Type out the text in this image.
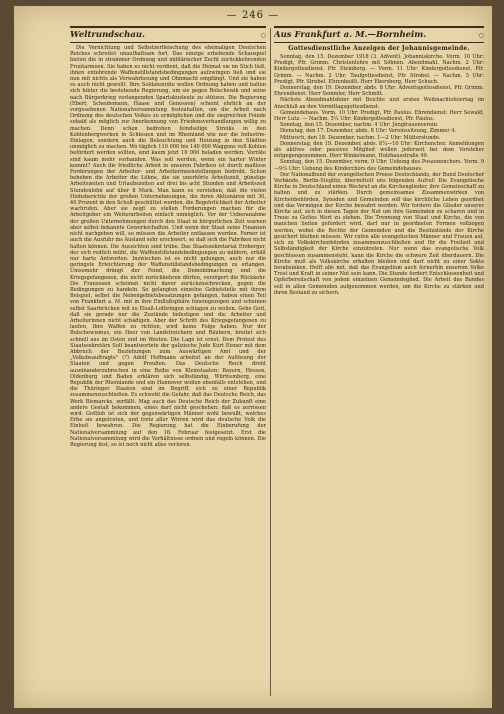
— 246 —
Weltrundschau.	○

Die Vernichtung und Selbstzerfleischung des ehemaligen Deutschen Reiches schreitet unaufhaltsam fort. Das einzige erhebende Schauspiel bieten die in strammer Ordnung und militärischer Zucht zurückkehrenden Frontarmeen. Sie haben es nicht verdient, daß die Heimat sie im Stich ließ, ihnen entehrende Waffenstillstandsbedingungen aufzwingen ließ und sie nun mit nichts als Verwahrlosung und Ohnmacht empfängt. Und sie haben es auch nicht gewollt. Ihre Soldatenräte wollen Ordnung haben und halten sich hinter die bestehende Regierung, um sie gegen Bolschewik und seine nach Bürgerkrieg verlangenden Spartakusleute zu stützen. Die Regierung (Ebert, Scheidemann, Haase und Genossen) scheint ehrlich an der vorgesehenen Nationalversammlung festzuhalten, um die Arbeit nach Ordnung des deutschen Volkes zu ermöglichen und die siegreichen Feinde sobald als möglich zur Anerkennung von Friedensverhandlungen willig zu machen. Denn schon bedrohen feindselige Streiks in den Kohlenbergwerken in Schlesien und im Rheinland wie nur die Industrie-Einlagen, sondern auch die Beleuchtung und Heizung in den Städten unmöglich zu machen. Wo täglich 110 000 bis 140 000 Waggons voll Kohlen befördert werden sollten, sind kaum jetzt 10 000 beladen werden. Vorräte sind kaum mehr vorhanden. Was soll werden, wenn ein harter Winter kommt? Auch die friedliche Arbeit in unseren Fabriken ist durch maßlose Forderungen der Arbeiter- und Arbeiterinnenstellungen bedroht. Schon beheben die Arbeiter die Löhne, die sie unerhörte Arbeitszeit, günstige Arbeitszeiten und Urlaubszeiten auf drei bis acht Stunden und Arbeitszeit Stundenlohn auf über 8 Mark. Man kann es verstehen, daß die vielen Hiobsberichte der großen Unternehmungen, die ihren Aktionären mit 30, 40 Prozent in den Schoß geschüttet worden, die Begehrlichkeit der Arbeiter wachrufen. Aber sie zeigt zu stellen Forderungen machen für die Arbeitgeber ein Weiterarbeiten einfach unmöglich. Vor der Ueberanahme der großen Unternehmungen durch den Staat in bürgerlichen Zeit warnen aber selbst bekannte Gewerkschaften. Und wenn der Staat seine Finanzen nicht nachgeben will, so müssen die Arbeiter entlassen werden. Ferner ist auch die Ausfuhr ins Ausland sehr erschwert, so daß sich die Fabriken nicht halten können. Die Aussichten sind trübe. Das Staatssekretariat Erzberger, der sich redlich müht, die Waffenstillstandsbedingungen zu mildern, erhält nur harte Antworten. Inzwischen ist es nicht gelungen, auch nur die geringste Erleichterung der Waffenstillstandsbedingungen zu erlangen. Umsomehr drängt der Feind, die Demobilmachung und die Kriegsgefangenen, die nicht zurückkehren dürfen, verzögert die Rückkehr. Die Franzosen scheinen nicht davor zurückzuschrecken, gegen die Bedingungen zu handeln. So gelangten einzelne Gebietsteile mit ihrem Beispiel, selbst die Nebengebietsbesatzungen gefangen, haben einen Teil von Frankfurt a. M. mit in ihre Einflußsphäre hineingezogen und scheinen selbst Saarbrücken mit zu Elsaß-Lothringen schlagen zu wollen. Gehe Gott, daß sie gerade nur die Zustände befestigen und die Arbeiter und Arbeiterinnen nicht schädigen. Aber der Schritt des Kriegsgefangenen zu laufen, Ihre Waffen zu richten, wird keine Folge haben. Nur der Bolschewismus, ein Heer von Landstreichern und Räubern, breitet sich schnell aus im Osten und im Westen. Die Lage ist ernst. Dem Protest des Staatssekretärs Solf beantwortete der galizische Jude Kurt Eisner mit dem Abbruch der Beziehungen zum Auswärtigen Amt und der „Volksbeauftragte" (?) Adolf Hoffmann arbeitet an der Auflösung der Staaten und gegen Preußen. Das Deutsche Reich droht auseinanderzubrechen in eine Reihe von Kleinstaaten: Bayern, Hessen, Oldenburg und Baden erklären sich selbständig, Württemberg, eine Republik der Rheinlande und ein Hannover wollen ebenfalls entstehen, und die Thüringer Staaten sind im Begriff, sich zu einer Republik zusammenzuschließen. Es schwebt die Gefahr, daß das Deutsche Reich, das Werk Bismarcks, zerfällt. Mag auch das Deutsche Reich der Zukunft eine andere Gestalt bekommen, eines darf nicht geschehen: daß es zerrissen wird. Gottlob ist sich der gegenwärtigen Männer wohl bewußt, welches Erbe sie angetreten, und trotz aller Wirren wird das deutsche Volk die Einheit bewahren. Die Regierung hat die Einberufung der Nationalversammlung auf den 16. Februar festgesetzt. Erst die Nationalversammlung wird die Verhältnisse ordnen und regeln können. Die Regierung fest, so ist noch nicht alles verloren.

Aus Frankfurt a. M.—Bornheim.	○
Gottesdienstliche Anzeigen der Johannisgemeinde.

Sonntag, den 15. Dezember 1918 (3. Advent). Johanniskirche. Vorm. 10 Uhr: Predigt, Pfr. Grimm. Christenlehre mit Söhnen. Abendmahl. Nachm. 2 Uhr: Kindergottesdienst. Pfr. Steinberg. — Vorm. 11 Uhr: Kindergottesdienst, Pfr. Grimm. — Nachm. 2 Uhr: Taufgottesdienst, Pfr. Strobel. — Nachm. 5 Uhr: Predigt, Pfr. Strobel. Ehrenbeißt. Herr Ebersberg, Herr Schuch.

Donnerstag, den 19. Dezember, abds. 8 Uhr: Adventsgottesdienst, Pfr. Grimm. Ehrendienst: Herr Semmler, Herr Schmitt.

Nächste Abendmahlsfeier mit Beichte und ersten Weihnachtsfeiertag im Anschluß an den Vormittagsgottesdienst.

Gemeindehaus. Vorm. 10 Uhr: Predigt, Pfr. Paulus. Ehrendienst: Herr Sewald, Herr Lutz. — Nachm. 5¼ Uhr: Kindergottesdienst, Pfr. Paulus.

Sonntag, den 15. Dezember, nachm. 4 Uhr: Jungfrauenverein.

Dienstag, den 17. Dezember, abds. 8 Uhr: Vereinssitzung, Zimmer 4.

Mittwoch, den 18. Dezember, nachm. 1—2 Uhr: Mütterstunde.

Donnerstag, den 19. Dezember, abds. 8¼—10 Uhr: Kirchenchor. Anmeldungen als aktives oder passives Mitglied wollen jederzeit bei dem Vorsteher entgegengenommen. Herr Winkelmann, Holzhausstraße 49.

Sonntag, den 15. Dezember, vorm. 9 Uhr: Uebung des Posaunenchors. Vorm. 9—9¼ Uhr: Uebung des Kinderchors des Gemeindehauses.

Der Nationalbund der evangelischen Presse Deutschlands, der Bund Deutscher Verbände, Berlin-Steglitz, übermittelt uns folgenden Aufruf: Die Evangelische Kirche in Deutschland einen Weckruf an die Kirchenglieder, ihre Gemeinschaft zu halten und zu stärken. Durch gemeinsames Zusammenwirken von Kirchenbehörden, Synoden und Gemeinden soll das kirchliche Leben geordnet und das Vermögen der Kirche bewahrt werden. Wir fordern die Glieder unserer Kirche auf, sich in diesen Tagen der Not um ihre Gemeinden zu scharen und in Treue zu Gottes Wort zu stehen. Die Trennung von Staat und Kirche, die von manchen Seiten gefordert wird, darf nur in geordneten Formen vollzogen werden, wobei die Rechte der Gemeinden und die Besitzstände der Kirche gesichert bleiben müssen. Wir rufen alle evangelischen Männer und Frauen auf, sich zu Volkskirchenbünden zusammenzuschließen und für die Freiheit und Selbständigkeit der Kirche einzutreten. Nur wenn das evangelische Volk geschlossen zusammensteht, kann die Kirche die schwere Zeit überdauern. Die Kirche muß als Volkskirche erhalten bleiben und darf nicht zu einer Sekte herabsinken. Helft alle mit, daß das Evangelium auch fernerhin unserem Volke Trost und Kraft in seiner Not sein kann. Die Stunde fordert Entschlossenheit und Opferbereitschaft von jedem einzelnen Gemeindeglied. Die Arbeit des Bundes soll in allen Gemeinden aufgenommen werden, um die Kirche zu stärken und ihren Bestand zu sichern.
